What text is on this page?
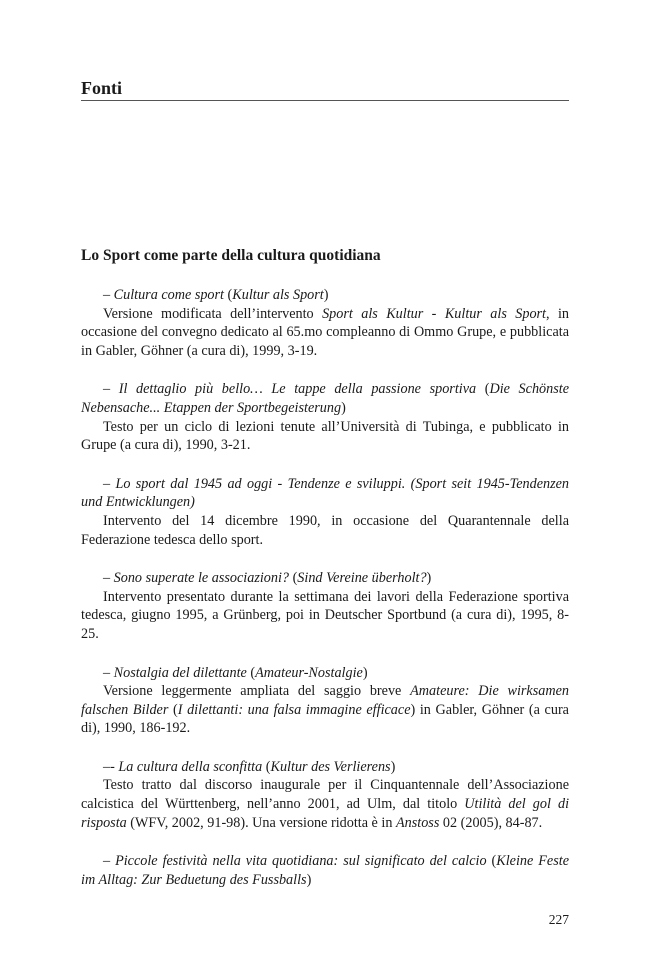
Fonti
Lo Sport come parte della cultura quotidiana
– Cultura come sport (Kultur als Sport)
Versione modificata dell’intervento Sport als Kultur - Kultur als Sport, in occasione del convegno dedicato al 65.mo compleanno di Ommo Grupe, e pubblicata in Gabler, Göhner (a cura di), 1999, 3-19.
– Il dettaglio più bello… Le tappe della passione sportiva (Die Schönste Nebensache... Etappen der Sportbegeisterung)
Testo per un ciclo di lezioni tenute all’Università di Tubinga, e pubblicato in Grupe (a cura di), 1990, 3-21.
– Lo sport dal 1945 ad oggi - Tendenze e sviluppi. (Sport seit 1945-Tendenzen und Entwicklungen)
Intervento del 14 dicembre 1990, in occasione del Quarantennale della Federazione tedesca dello sport.
– Sono superate le associazioni? (Sind Vereine überholt?)
Intervento presentato durante la settimana dei lavori della Federazione sportiva tedesca, giugno 1995, a Grünberg, poi in Deutscher Sportbund (a cura di), 1995, 8-25.
– Nostalgia del dilettante (Amateur-Nostalgie)
Versione leggermente ampliata del saggio breve Amateure: Die wirksamen falschen Bilder (I dilettanti: una falsa immagine efficace) in Gabler, Göhner (a cura di), 1990, 186-192.
–- La cultura della sconfitta (Kultur des Verlierens)
Testo tratto dal discorso inaugurale per il Cinquantennale dell’Associazione calcistica del Württenberg, nell’anno 2001, ad Ulm, dal titolo Utilità del gol di risposta (WFV, 2002, 91-98). Una versione ridotta è in Anstoss 02 (2005), 84-87.
– Piccole festività nella vita quotidiana: sul significato del calcio (Kleine Feste im Alltag: Zur Beduetung des Fussballs)
227
